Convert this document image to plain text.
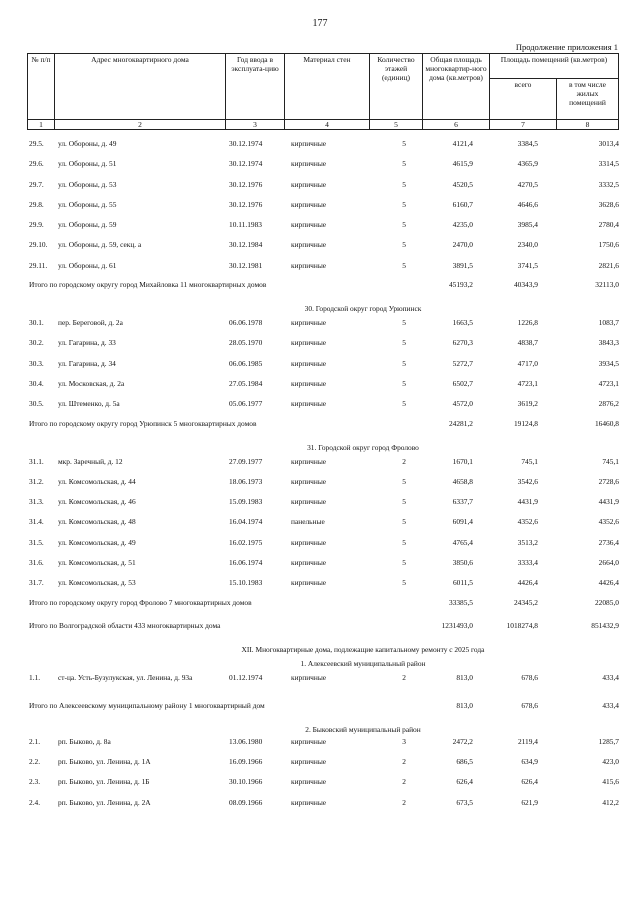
177
Продолжение приложения 1
№ п/п	Адрес многоквартирного дома	Год ввода в эксплуата-цию	Материал стен	Количество этажей (единиц)	Общая площадь многоквартир-ного дома (кв.метров)	Площадь помещений (кв.метров)	
						всего	в том числе жилых помещений
1	2	3	4	5	6	7	8
29.5. ул. Обороны, д. 49	30.12.1974	кирпичные	5	4121,4	3384,5	3013,4
29.6. ул. Обороны, д. 51	30.12.1974	кирпичные	5	4615,9	4365,9	3314,5
29.7. ул. Обороны, д. 53	30.12.1976	кирпичные	5	4520,5	4270,5	3332,5
29.8. ул. Обороны, д. 55	30.12.1976	кирпичные	5	6160,7	4646,6	3628,6
29.9. ул. Обороны, д. 59	10.11.1983	кирпичные	5	4235,0	3985,4	2780,4
29.10. ул. Обороны, д. 59, секц. а	30.12.1984	кирпичные	5	2470,0	2340,0	1750,6
29.11. ул. Обороны, д. 61	30.12.1981	кирпичные	5	3891,5	3741,5	2821,6
Итого по городскому округу город Михайловка 11 многоквартирных домов	45193,2	40343,9	32113,0
30. Городской округ город Урюпинск
30.1. пер. Береговой, д. 2а	06.06.1978	кирпичные	5	1663,5	1226,8	1083,7
30.2. ул. Гагарина, д. 33	28.05.1970	кирпичные	5	6270,3	4838,7	3843,3
30.3. ул. Гагарина, д. 34	06.06.1985	кирпичные	5	5272,7	4717,0	3934,5
30.4. ул. Московская, д. 2а	27.05.1984	кирпичные	5	6502,7	4723,1	4723,1
30.5. ул. Штеменко, д. 5а	05.06.1977	кирпичные	5	4572,0	3619,2	2876,2
Итого по городскому округу город Урюпинск 5 многоквартирных домов	24281,2	19124,8	16460,8
31. Городской округ город Фролово
31.1. мкр. Заречный, д. 12	27.09.1977	кирпичные	2	1670,1	745,1	745,1
31.2. ул. Комсомольская, д. 44	18.06.1973	кирпичные	5	4658,8	3542,6	2728,6
31.3. ул. Комсомольская, д. 46	15.09.1983	кирпичные	5	6337,7	4431,9	4431,9
31.4. ул. Комсомольская, д. 48	16.04.1974	панельные	5	6091,4	4352,6	4352,6
31.5. ул. Комсомольская, д. 49	16.02.1975	кирпичные	5	4765,4	3513,2	2736,4
31.6. ул. Комсомольская, д. 51	16.06.1974	кирпичные	5	3850,6	3333,4	2664,0
31.7. ул. Комсомольская, д. 53	15.10.1983	кирпичные	5	6011,5	4426,4	4426,4
Итого по городскому округу город Фролово 7 многоквартирных домов	33385,5	24345,2	22085,0
Итого по Волгоградской области 433 многоквартирных дома	1231493,0	1018274,8	851432,9
XII. Многоквартирные дома, подлежащие капитальному ремонту с 2025 года
1. Алексеевский муниципальный район
1.1. ст-ца. Усть-Бузулукская, ул. Ленина, д. 93а	01.12.1974	кирпичные	2	813,0	678,6	433,4
Итого по Алексеевскому муниципальному району 1 многоквартирный дом	813,0	678,6	433,4
2. Быковский муниципальный район
2.1. рп. Быково, д. 8а	13.06.1980	кирпичные	3	2472,2	2119,4	1285,7
2.2. рп. Быково, ул. Ленина, д. 1А	16.09.1966	кирпичные	2	686,5	634,9	423,0
2.3. рп. Быково, ул. Ленина, д. 1Б	30.10.1966	кирпичные	2	626,4	626,4	415,6
2.4. рп. Быково, ул. Ленина, д. 2А	08.09.1966	кирпичные	2	673,5	621,9	412,2
